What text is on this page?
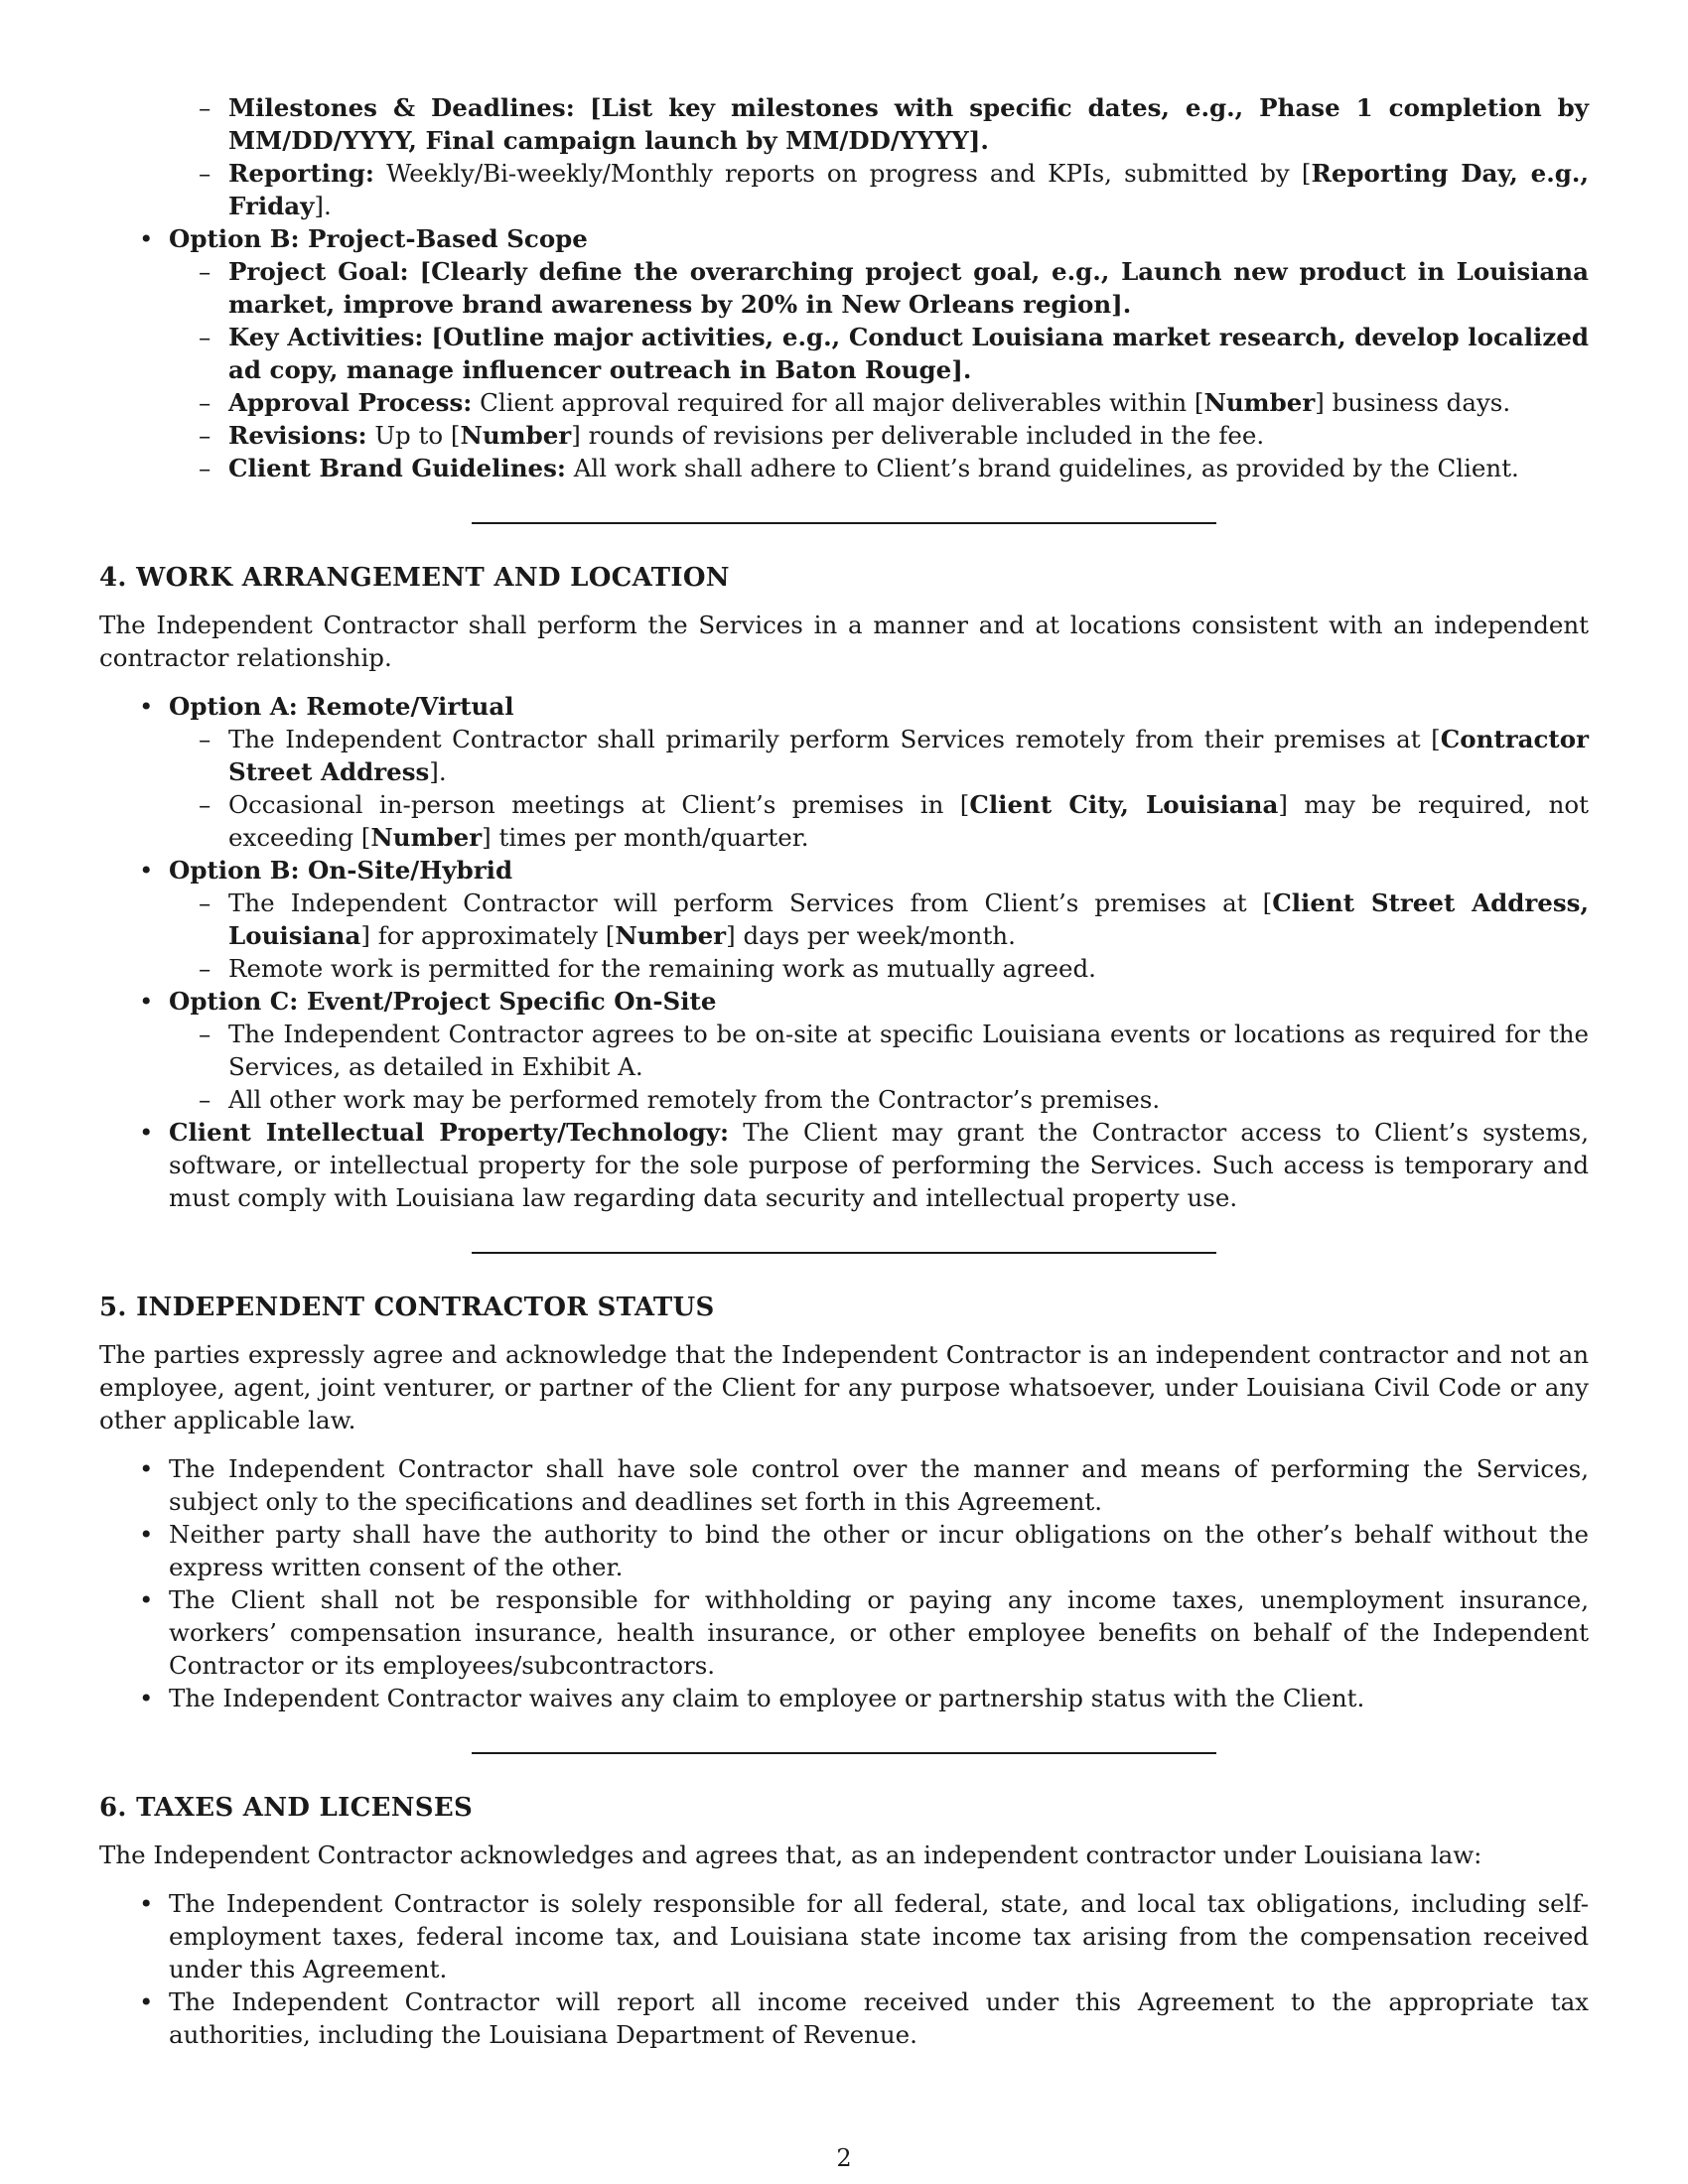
– Milestones & Deadlines: [List key milestones with specific dates, e.g., Phase 1 completion by MM/DD/YYYY, Final campaign launch by MM/DD/YYYY].
– Reporting: Weekly/Bi-weekly/Monthly reports on progress and KPIs, submitted by [Reporting Day, e.g., Friday].
• Option B: Project-Based Scope
– Project Goal: [Clearly define the overarching project goal, e.g., Launch new product in Louisiana market, improve brand awareness by 20% in New Orleans region].
– Key Activities: [Outline major activities, e.g., Conduct Louisiana market research, develop localized ad copy, manage influencer outreach in Baton Rouge].
– Approval Process: Client approval required for all major deliverables within [Number] business days.
– Revisions: Up to [Number] rounds of revisions per deliverable included in the fee.
– Client Brand Guidelines: All work shall adhere to Client’s brand guidelines, as provided by the Client.
4. WORK ARRANGEMENT AND LOCATION

The Independent Contractor shall perform the Services in a manner and at locations consistent with an independent contractor relationship.

• Option A: Remote/Virtual
– The Independent Contractor shall primarily perform Services remotely from their premises at [Contractor Street Address].
– Occasional in-person meetings at Client’s premises in [Client City, Louisiana] may be required, not exceeding [Number] times per month/quarter.
• Option B: On-Site/Hybrid
– The Independent Contractor will perform Services from Client’s premises at [Client Street Address, Louisiana] for approximately [Number] days per week/month.
– Remote work is permitted for the remaining work as mutually agreed.
• Option C: Event/Project Specific On-Site
– The Independent Contractor agrees to be on-site at specific Louisiana events or locations as required for the Services, as detailed in Exhibit A.
– All other work may be performed remotely from the Contractor’s premises.
• Client Intellectual Property/Technology: The Client may grant the Contractor access to Client’s systems, software, or intellectual property for the sole purpose of performing the Services. Such access is temporary and must comply with Louisiana law regarding data security and intellectual property use.
5. INDEPENDENT CONTRACTOR STATUS

The parties expressly agree and acknowledge that the Independent Contractor is an independent contractor and not an employee, agent, joint venturer, or partner of the Client for any purpose whatsoever, under Louisiana Civil Code or any other applicable law.

• The Independent Contractor shall have sole control over the manner and means of performing the Services, subject only to the specifications and deadlines set forth in this Agreement.
• Neither party shall have the authority to bind the other or incur obligations on the other’s behalf without the express written consent of the other.
• The Client shall not be responsible for withholding or paying any income taxes, unemployment insurance, workers’ compensation insurance, health insurance, or other employee benefits on behalf of the Independent Contractor or its employees/subcontractors.
• The Independent Contractor waives any claim to employee or partnership status with the Client.
6. TAXES AND LICENSES

The Independent Contractor acknowledges and agrees that, as an independent contractor under Louisiana law:

• The Independent Contractor is solely responsible for all federal, state, and local tax obligations, including self-employment taxes, federal income tax, and Louisiana state income tax arising from the compensation received under this Agreement.
• The Independent Contractor will report all income received under this Agreement to the appropriate tax authorities, including the Louisiana Department of Revenue.
2
